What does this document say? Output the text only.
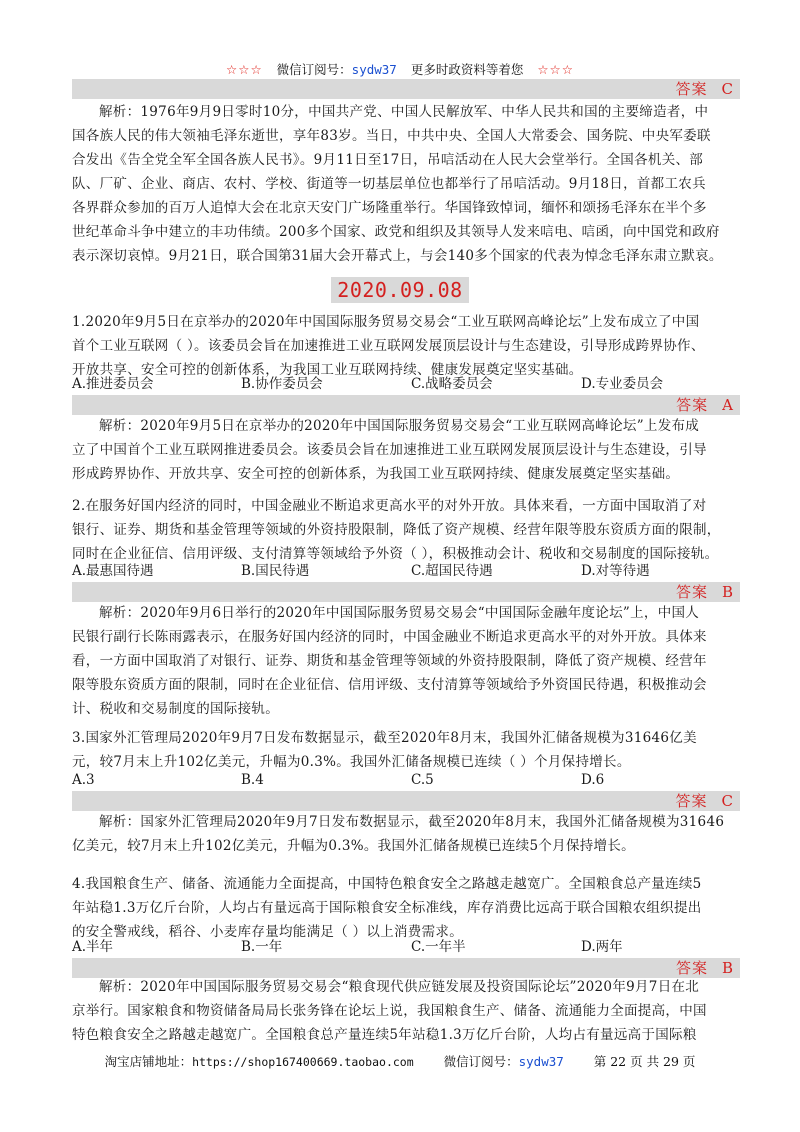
☆☆☆ 微信订阅号：sydw37 更多时政资料等着您 ☆☆☆
答案 C
解析：1976年9月9日零时10分，中国共产党、中国人民解放军、中华人民共和国的主要缔造者，中
国各族人民的伟大领袖毛泽东逝世，享年83岁。当日，中共中央、全国人大常委会、国务院、中央军委联
合发出《告全党全军全国各族人民书》。9月11日至17日，吊唁活动在人民大会堂举行。全国各机关、部
队、厂矿、企业、商店、农村、学校、街道等一切基层单位也都举行了吊唁活动。9月18日，首都工农兵
各界群众参加的百万人追悼大会在北京天安门广场隆重举行。华国锋致悼词，缅怀和颂扬毛泽东在半个多
世纪革命斗争中建立的丰功伟绩。200多个国家、政党和组织及其领导人发来唁电、唁函，向中国党和政府
表示深切哀悼。9月21日，联合国第31届大会开幕式上，与会140多个国家的代表为悼念毛泽东肃立默哀。
2020.09.08
1.2020年9月5日在京举办的2020年中国国际服务贸易交易会“工业互联网高峰论坛”上发布成立了中国
首个工业互联网（ ）。该委员会旨在加速推进工业互联网发展顶层设计与生态建设，引导形成跨界协作、
开放共享、安全可控的创新体系，为我国工业互联网持续、健康发展奠定坚实基础。
A.推进委员会	B.协作委员会	C.战略委员会	D.专业委员会
答案 A
解析：2020年9月5日在京举办的2020年中国国际服务贸易交易会“工业互联网高峰论坛”上发布成
立了中国首个工业互联网推进委员会。该委员会旨在加速推进工业互联网发展顶层设计与生态建设，引导
形成跨界协作、开放共享、安全可控的创新体系，为我国工业互联网持续、健康发展奠定坚实基础。
2.在服务好国内经济的同时，中国金融业不断追求更高水平的对外开放。具体来看，一方面中国取消了对
银行、证券、期货和基金管理等领域的外资持股限制，降低了资产规模、经营年限等股东资质方面的限制，
同时在企业征信、信用评级、支付清算等领域给予外资（ ），积极推动会计、税收和交易制度的国际接轨。
A.最惠国待遇	B.国民待遇	C.超国民待遇	D.对等待遇
答案 B
解析：2020年9月6日举行的2020年中国国际服务贸易交易会“中国国际金融年度论坛”上，中国人
民银行副行长陈雨露表示，在服务好国内经济的同时，中国金融业不断追求更高水平的对外开放。具体来
看，一方面中国取消了对银行、证券、期货和基金管理等领域的外资持股限制，降低了资产规模、经营年
限等股东资质方面的限制，同时在企业征信、信用评级、支付清算等领域给予外资国民待遇，积极推动会
计、税收和交易制度的国际接轨。
3.国家外汇管理局2020年9月7日发布数据显示，截至2020年8月末，我国外汇储备规模为31646亿美
元，较7月末上升102亿美元，升幅为0.3%。我国外汇储备规模已连续（ ）个月保持增长。
A.3	B.4	C.5	D.6
答案 C
解析：国家外汇管理局2020年9月7日发布数据显示，截至2020年8月末，我国外汇储备规模为31646
亿美元，较7月末上升102亿美元，升幅为0.3%。我国外汇储备规模已连续5个月保持增长。
4.我国粮食生产、储备、流通能力全面提高，中国特色粮食安全之路越走越宽广。全国粮食总产量连续5
年站稳1.3万亿斤台阶，人均占有量远高于国际粮食安全标准线，库存消费比远高于联合国粮农组织提出
的安全警戒线，稻谷、小麦库存量均能满足（ ）以上消费需求。
A.半年	B.一年	C.一年半	D.两年
答案 B
解析：2020年中国国际服务贸易交易会“粮食现代供应链发展及投资国际论坛”2020年9月7日在北
京举行。国家粮食和物资储备局局长张务锋在论坛上说，我国粮食生产、储备、流通能力全面提高，中国
特色粮食安全之路越走越宽广。全国粮食总产量连续5年站稳1.3万亿斤台阶，人均占有量远高于国际粮
淘宝店铺地址：https://shop167400669.taobao.com 微信订阅号：sydw37 第 22 页 共 29 页
